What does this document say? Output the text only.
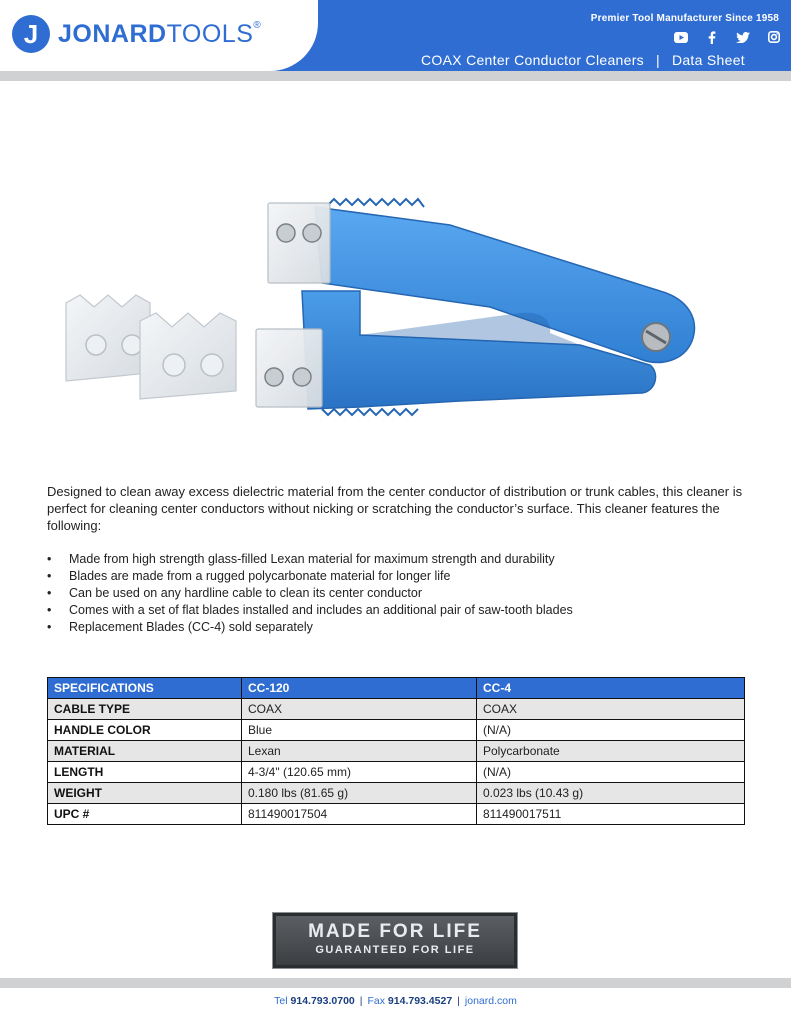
J JONARDTOOLS®
Premier Tool Manufacturer Since 1958
COAX Center Conductor Cleaners | Data Sheet

Designed to clean away excess dielectric material from the center conductor of distribution or trunk cables, this cleaner is perfect for cleaning center conductors without nicking or scratching the conductor’s surface. This cleaner features the following:

• Made from high strength glass-filled Lexan material for maximum strength and durability
• Blades are made from a rugged polycarbonate material for longer life
• Can be used on any hardline cable to clean its center conductor
• Comes with a set of flat blades installed and includes an additional pair of saw-tooth blades
• Replacement Blades (CC-4) sold separately
SPECIFICATIONS	CC-120	CC-4
CABLE TYPE	COAX	COAX
HANDLE COLOR	Blue	(N/A)
MATERIAL	Lexan	Polycarbonate
LENGTH	4-3/4" (120.65 mm)	(N/A)
WEIGHT	0.180 lbs (81.65 g)	0.023 lbs (10.43 g)
UPC #	811490017504	811490017511
MADE FOR LIFE
GUARANTEED FOR LIFE
Tel 914.793.0700 | Fax 914.793.4527 | jonard.com
